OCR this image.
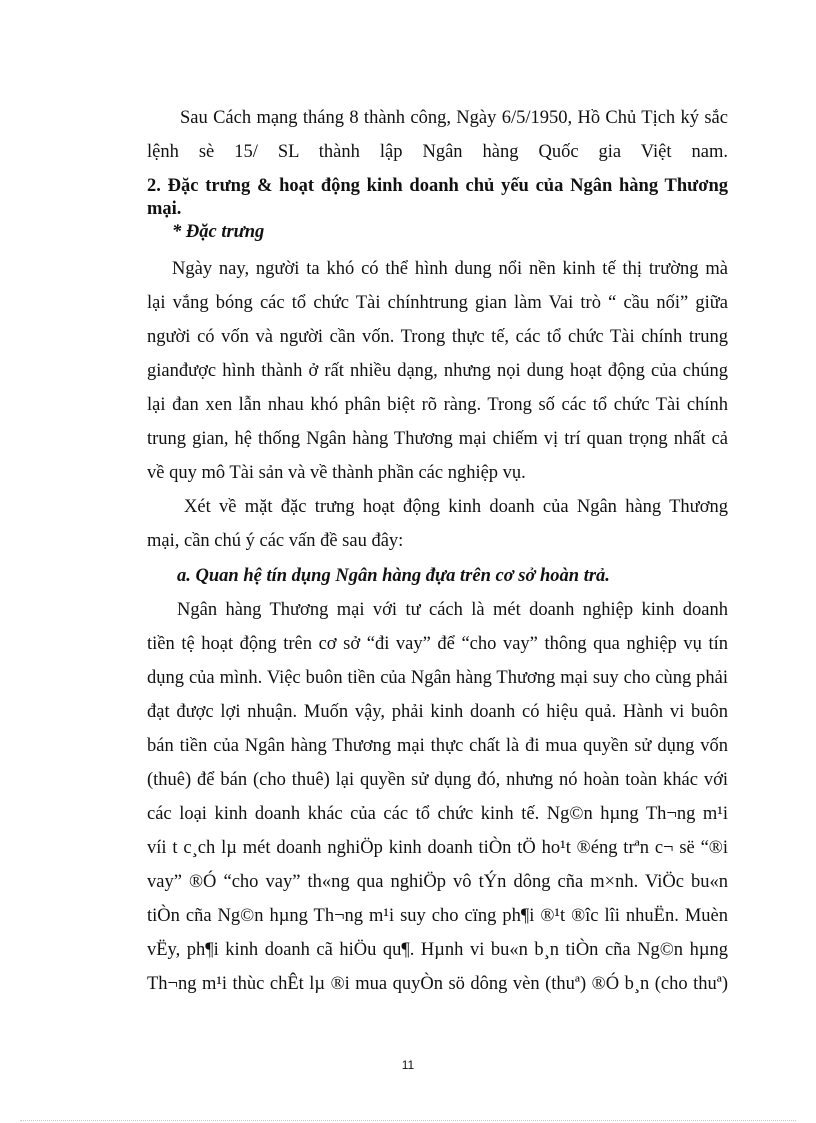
Sau Cách mạng tháng 8 thành công, Ngày 6/5/1950, Hồ Chủ Tịch ký sắc
lệnh sè 15/ SL thành lập Ngân hàng Quốc gia Việt nam.
2. Đặc trưng & hoạt động kinh doanh chủ yếu của Ngân hàng Thương
mại.
* Đặc trưng
Ngày nay, người ta khó có thể hình dung nổi nền kinh tế thị trường mà
lại vắng bóng các tổ chức Tài chínhtrung gian làm Vai trò “ cầu nối” giữa
người có vốn và người cần vốn. Trong thực tế, các tổ chức Tài chính trung
gianđược hình thành ở rất nhiều dạng, nhưng nọi dung hoạt động của chúng
lại đan xen lẫn nhau khó phân biệt rõ ràng. Trong số các tổ chức Tài chính
trung gian, hệ thống Ngân hàng Thương mại chiếm vị trí quan trọng nhất cả
về quy mô Tài sản và về thành phần các nghiệp vụ.
Xét về mặt đặc trưng hoạt động kinh doanh của Ngân hàng Thương
mại, cần chú ý các vấn đề sau đây:
a. Quan hệ tín dụng Ngân hàng đựa trên cơ sở hoàn trả.
Ngân hàng Thương mại với tư cách là mét doanh nghiệp kinh doanh
tiền tệ hoạt động trên cơ sở “đi vay” để “cho vay” thông qua nghiệp vụ tín
dụng của mình. Việc buôn tiền của Ngân hàng Thương mại suy cho cùng phải
đạt được lợi nhuận. Muốn vậy, phải kinh doanh có hiệu quả. Hành vi buôn
bán tiền của Ngân hàng Thương mại thực chất là đi mua quyền sử dụng vốn
(thuê) để bán (cho thuê) lại quyền sử dụng đó, nhưng nó hoàn toàn khác với
các loại kinh doanh khác của các tổ chức kinh tế. Ng©n hµng Th¬ng m¹i
víi t c¸ch lµ mét doanh nghiÖp kinh doanh tiÒn tÖ ho¹t ®éng trªn c¬ së “®i
vay” ®Ó “cho vay” th«ng qua nghiÖp vô tÝn dông cña m×nh. ViÖc bu«n
tiÒn cña Ng©n hµng Th¬ng m¹i suy cho cïng ph¶i ®¹t ®îc lîi nhuËn. Muèn
vËy, ph¶i kinh doanh cã hiÖu qu¶. Hµnh vi bu«n b¸n tiÒn cña Ng©n hµng
Th¬ng m¹i thùc chÊt lµ ®i mua quyÒn sö dông vèn (thuª) ®Ó b¸n (cho thuª)
11
